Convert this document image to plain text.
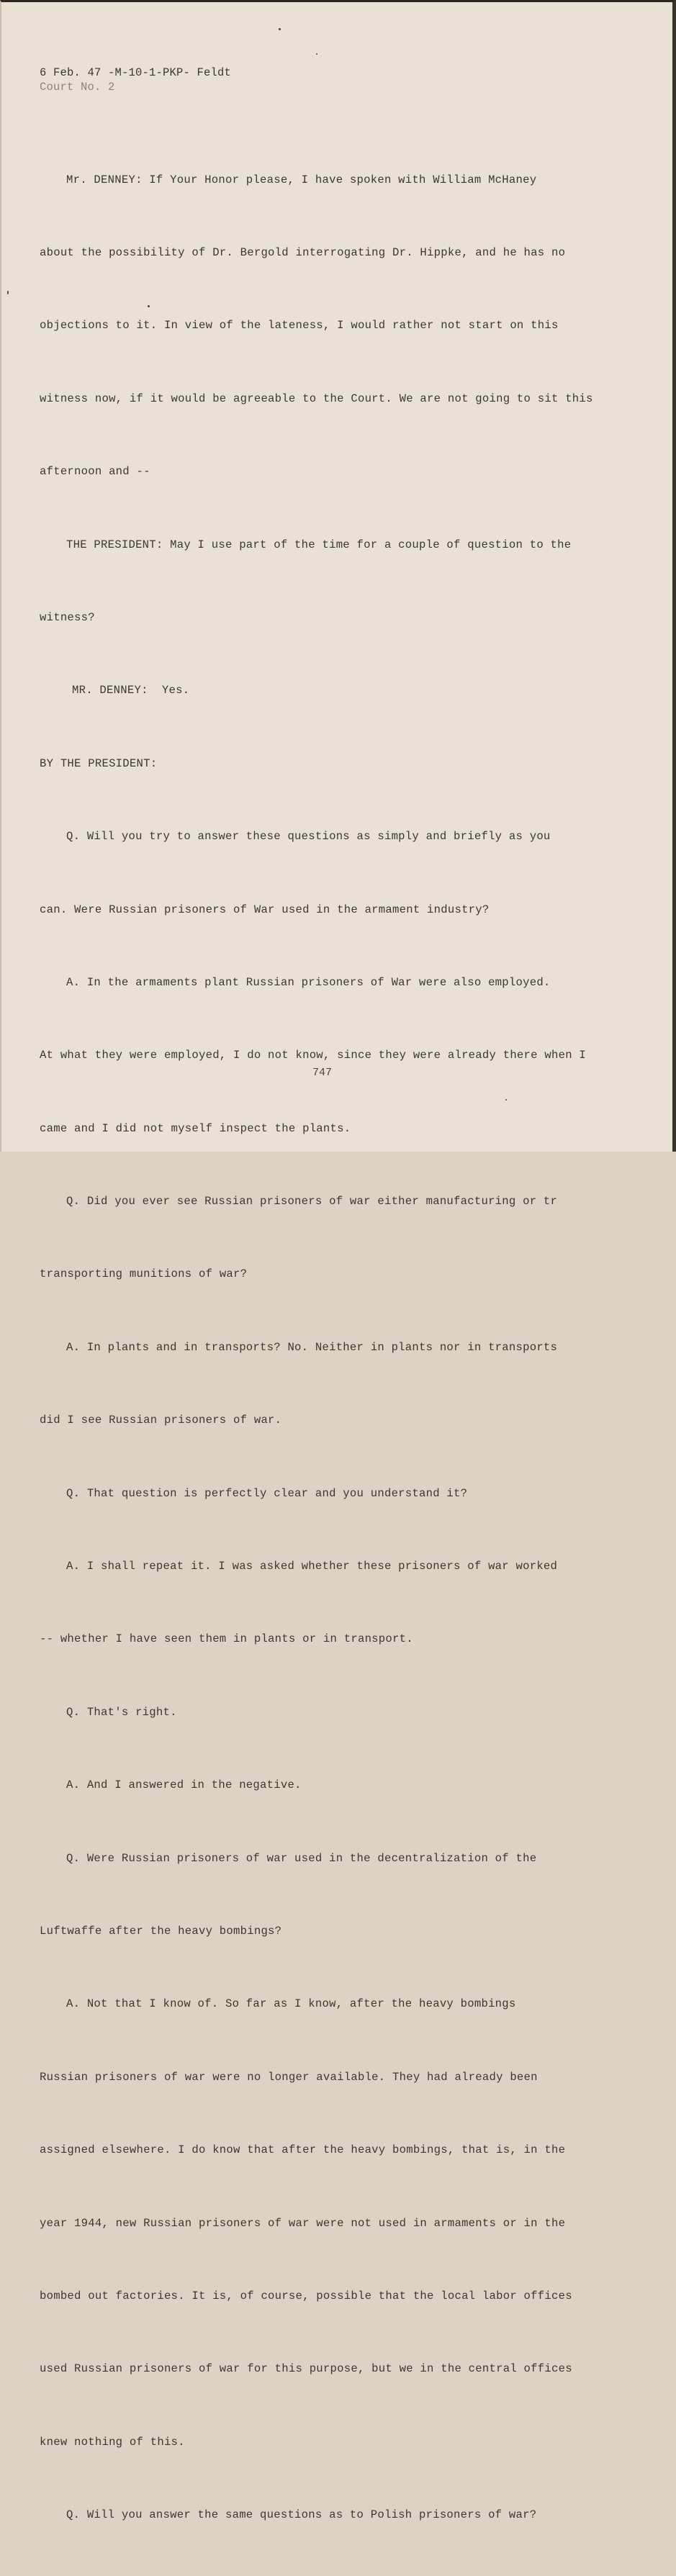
6 Feb. 47 -M-10-1-PKP- Feldt
Court No. 2

Mr. DENNEY: If Your Honor please, I have spoken with William McHaney

about the possibility of Dr. Bergold interrogating Dr. Hippke, and he has no

objections to it. In view of the lateness, I would rather not start on this

witness now, if it would be agreeable to the Court. We are not going to sit this

afternoon and --

THE PRESIDENT: May I use part of the time for a couple of question to the

witness?

MR. DENNEY:  Yes.

BY THE PRESIDENT:

Q. Will you try to answer these questions as simply and briefly as you

can. Were Russian prisoners of War used in the armament industry?

A. In the armaments plant Russian prisoners of War were also employed.

At what they were employed, I do not know, since they were already there when I

came and I did not myself inspect the plants.

Q. Did you ever see Russian prisoners of war either manufacturing or tr

transporting munitions of war?

A. In plants and in transports? No. Neither in plants nor in transports

did I see Russian prisoners of war.

Q. That question is perfectly clear and you understand it?

A. I shall repeat it. I was asked whether these prisoners of war worked

-- whether I have seen them in plants or in transport.

Q. That's right.

A. And I answered in the negative.

Q. Were Russian prisoners of war used in the decentralization of the

Luftwaffe after the heavy bombings?

A. Not that I know of. So far as I know, after the heavy bombings

Russian prisoners of war were no longer available. They had already been

assigned elsewhere. I do know that after the heavy bombings, that is, in the

year 1944, new Russian prisoners of war were not used in armaments or in the

bombed out factories. It is, of course, possible that the local labor offices

used Russian prisoners of war for this purpose, but we in the central offices

knew nothing of this.

Q. Will you answer the same questions as to Polish prisoners of war?

747
